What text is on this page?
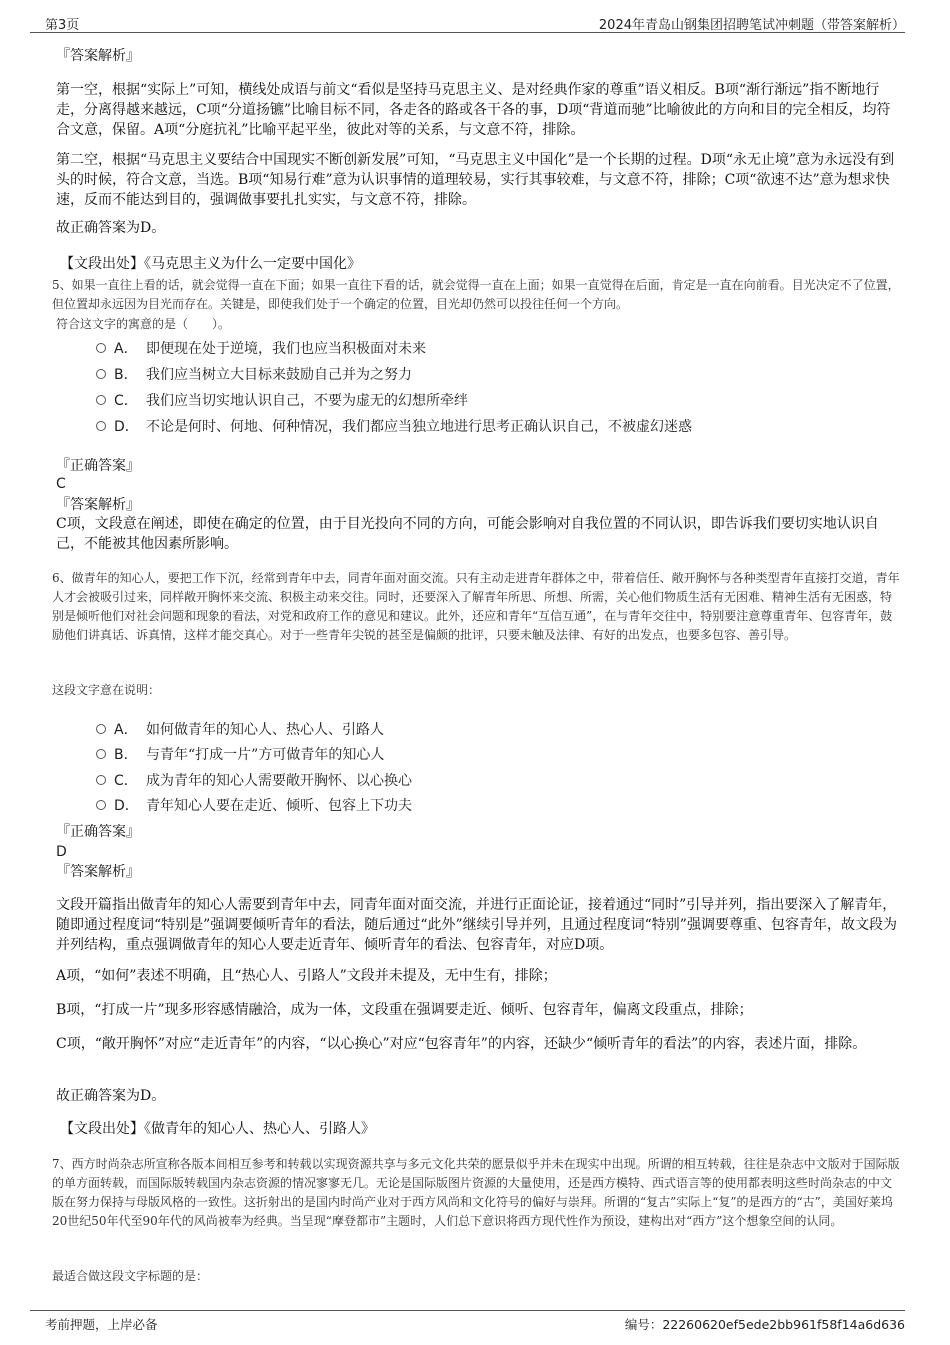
第3页	2024年青岛山钢集团招聘笔试冲刺题（带答案解析）
『答案解析』
第一空，根据“实际上”可知，横线处成语与前文“看似是坚持马克思主义、是对经典作家的尊重”语义相反。B项“渐行渐远”指不断地行走，分离得越来越远，C项“分道扬镳”比喻目标不同，各走各的路或各干各的事，D项“背道而驰”比喻彼此的方向和目的完全相反，均符合文意，保留。A项“分庭抗礼”比喻平起平坐，彼此对等的关系，与文意不符，排除。
第二空，根据“马克思主义要结合中国现实不断创新发展”可知，“马克思主义中国化”是一个长期的过程。D项“永无止境”意为永远没有到头的时候，符合文意，当选。B项“知易行难”意为认识事情的道理较易，实行其事较难，与文意不符，排除；C项“欲速不达”意为想求快速，反而不能达到目的，强调做事要扎扎实实，与文意不符，排除。
故正确答案为D。
【文段出处】《马克思主义为什么一定要中国化》
5、如果一直往上看的话，就会觉得一直在下面；如果一直往下看的话，就会觉得一直在上面；如果一直觉得在后面，肯定是一直在向前看。目光决定不了位置，但位置却永远因为目光而存在。关键是，即使我们处于一个确定的位置，目光却仍然可以投往任何一个方向。
符合这文字的寓意的是（　　）。
A． 即便现在处于逆境，我们也应当积极面对未来
B． 我们应当树立大目标来鼓励自己并为之努力
C． 我们应当切实地认识自己，不要为虚无的幻想所牵绊
D． 不论是何时、何地、何种情况，我们都应当独立地进行思考正确认识自己，不被虚幻迷惑
『正确答案』
C
『答案解析』
C项，文段意在阐述，即使在确定的位置，由于目光投向不同的方向，可能会影响对自我位置的不同认识，即告诉我们要切实地认识自己，不能被其他因素所影响。
6、做青年的知心人，要把工作下沉，经常到青年中去，同青年面对面交流。只有主动走进青年群体之中，带着信任、敞开胸怀与各种类型青年直接打交道，青年人才会被吸引过来，同样敞开胸怀来交流、积极主动来交往。同时，还要深入了解青年所思、所想、所需，关心他们物质生活有无困难、精神生活有无困惑，特别是倾听他们对社会问题和现象的看法，对党和政府工作的意见和建议。此外，还应和青年“互信互通”，在与青年交往中，特别要注意尊重青年、包容青年，鼓励他们讲真话、诉真情，这样才能交真心。对于一些青年尖锐的甚至是偏颇的批评，只要未触及法律、有好的出发点，也要多包容、善引导。
这段文字意在说明：
A． 如何做青年的知心人、热心人、引路人
B． 与青年“打成一片”方可做青年的知心人
C． 成为青年的知心人需要敞开胸怀、以心换心
D． 青年知心人要在走近、倾听、包容上下功夫
『正确答案』
D
『答案解析』
文段开篇指出做青年的知心人需要到青年中去，同青年面对面交流，并进行正面论证，接着通过“同时”引导并列，指出要深入了解青年，随即通过程度词“特别是”强调要倾听青年的看法，随后通过“此外”继续引导并列，且通过程度词“特别”强调要尊重、包容青年，故文段为并列结构，重点强调做青年的知心人要走近青年、倾听青年的看法、包容青年，对应D项。
A项，“如何”表述不明确，且“热心人、引路人”文段并未提及，无中生有，排除；
B项，“打成一片”现多形容感情融洽，成为一体，文段重在强调要走近、倾听、包容青年，偏离文段重点，排除；
C项，“敞开胸怀”对应“走近青年”的内容，“以心换心”对应“包容青年”的内容，还缺少“倾听青年的看法”的内容，表述片面，排除。
故正确答案为D。
【文段出处】《做青年的知心人、热心人、引路人》
7、西方时尚杂志所宣称各版本间相互参考和转载以实现资源共享与多元文化共荣的愿景似乎并未在现实中出现。所谓的相互转载，往往是杂志中文版对于国际版的单方面转载，而国际版转载国内杂志资源的情况寥寥无几。无论是国际版图片资源的大量使用，还是西方模特、西式语言等的使用都表明这些时尚杂志的中文版在努力保持与母版风格的一致性。这折射出的是国内时尚产业对于西方风尚和文化符号的偏好与崇拜。所谓的“复古”实际上“复”的是西方的“古”，美国好莱坞20世纪50年代至90年代的风尚被奉为经典。当呈现“摩登都市”主题时，人们总下意识将西方现代性作为预设，建构出对“西方”这个想象空间的认同。
最适合做这段文字标题的是：
考前押题，上岸必备	编号：22260620ef5ede2bb961f58f14a6d636
